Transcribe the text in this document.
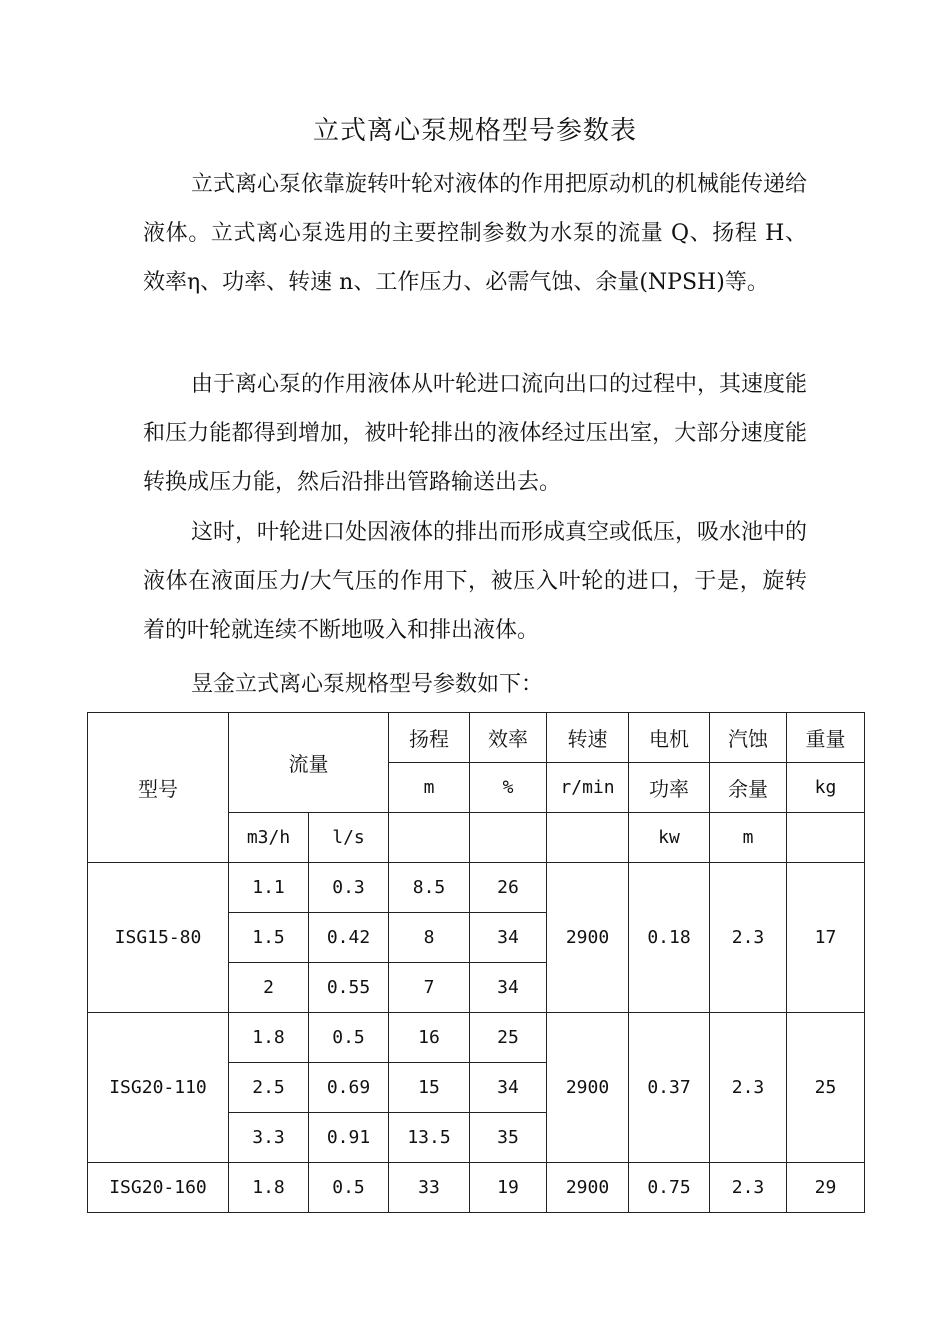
立式离心泵规格型号参数表

立式离心泵依靠旋转叶轮对液体的作用把原动机的机械能传递给液体。立式离心泵选用的主要控制参数为水泵的流量 Q、扬程 H、效率η、功率、转速 n、工作压力、必需气蚀、余量(NPSH)等。

由于离心泵的作用液体从叶轮进口流向出口的过程中，其速度能和压力能都得到增加，被叶轮排出的液体经过压出室，大部分速度能转换成压力能，然后沿排出管路输送出去。

这时，叶轮进口处因液体的排出而形成真空或低压，吸水池中的液体在液面压力/大气压的作用下，被压入叶轮的进口，于是，旋转着的叶轮就连续不断地吸入和排出液体。

昱金立式离心泵规格型号参数如下：

型号	流量		扬程	效率	转速	电机	汽蚀	重量
			m	%	r/min	功率	余量	kg
	m3/h	l/s				kw	m	
ISG15-80	1.1	0.3	8.5	26	2900	0.18	2.3	17
	1.5	0.42	8	34				
	2	0.55	7	34				
ISG20-110	1.8	0.5	16	25	2900	0.37	2.3	25
	2.5	0.69	15	34				
	3.3	0.91	13.5	35				
ISG20-160	1.8	0.5	33	19	2900	0.75	2.3	29
